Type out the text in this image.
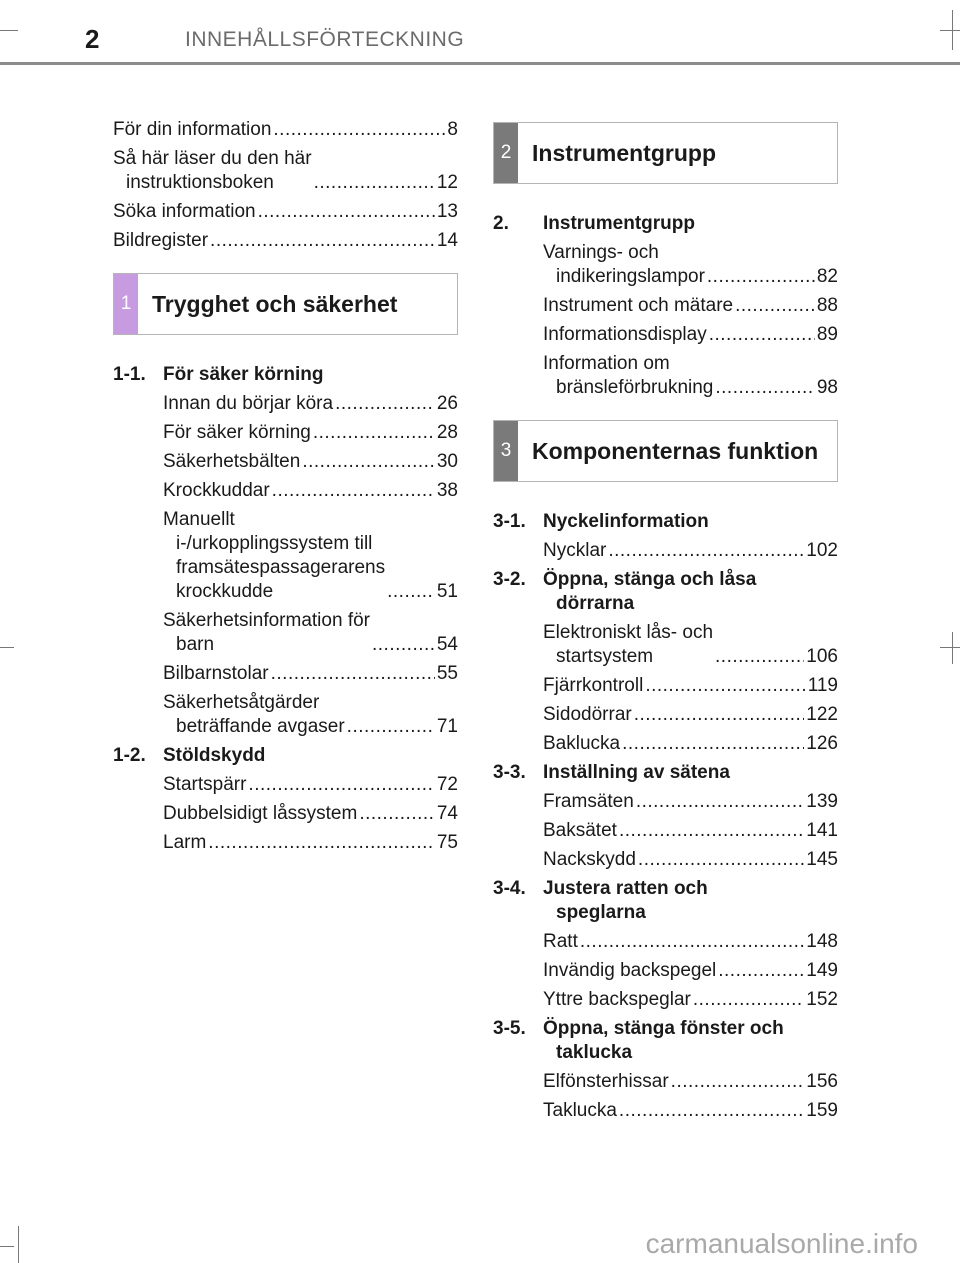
2	INNEHÅLLSFÖRTECKNING
För din information .....	8
Så här läser du den här
instruktionsboken .....	12
Söka information .....	13
Bildregister .....	14
1 Trygghet och säkerhet
1-1. För säker körning
Innan du börjar köra .....	26
För säker körning .....	28
Säkerhetsbälten .....	30
Krockkuddar .....	38
Manuellt
i-/urkopplingssystem till
framsätespassagerarens
krockkudde .....	51
Säkerhetsinformation för
barn .....	54
Bilbarnstolar .....	55
Säkerhetsåtgärder
beträffande avgaser .....	71
1-2. Stöldskydd
Startspärr .....	72
Dubbelsidigt låssystem .....	74
Larm .....	75
2 Instrumentgrupp
2.	Instrumentgrupp
Varnings- och
indikeringslampor .....	82
Instrument och mätare .....	88
Informationsdisplay .....	89
Information om
bränsleförbrukning .....	98
3 Komponenternas funktion
3-1. Nyckelinformation
Nycklar .....	102
3-2. Öppna, stänga och låsa
dörrarna
Elektroniskt lås- och
startsystem .....	106
Fjärrkontroll .....	119
Sidodörrar .....	122
Baklucka .....	126
3-3. Inställning av sätena
Framsäten .....	139
Baksätet .....	141
Nackskydd .....	145
3-4. Justera ratten och
speglarna
Ratt .....	148
Invändig backspegel .....	149
Yttre backspeglar .....	152
3-5. Öppna, stänga fönster och
taklucka
Elfönsterhissar .....	156
Taklucka .....	159
carmanualsonline.info
